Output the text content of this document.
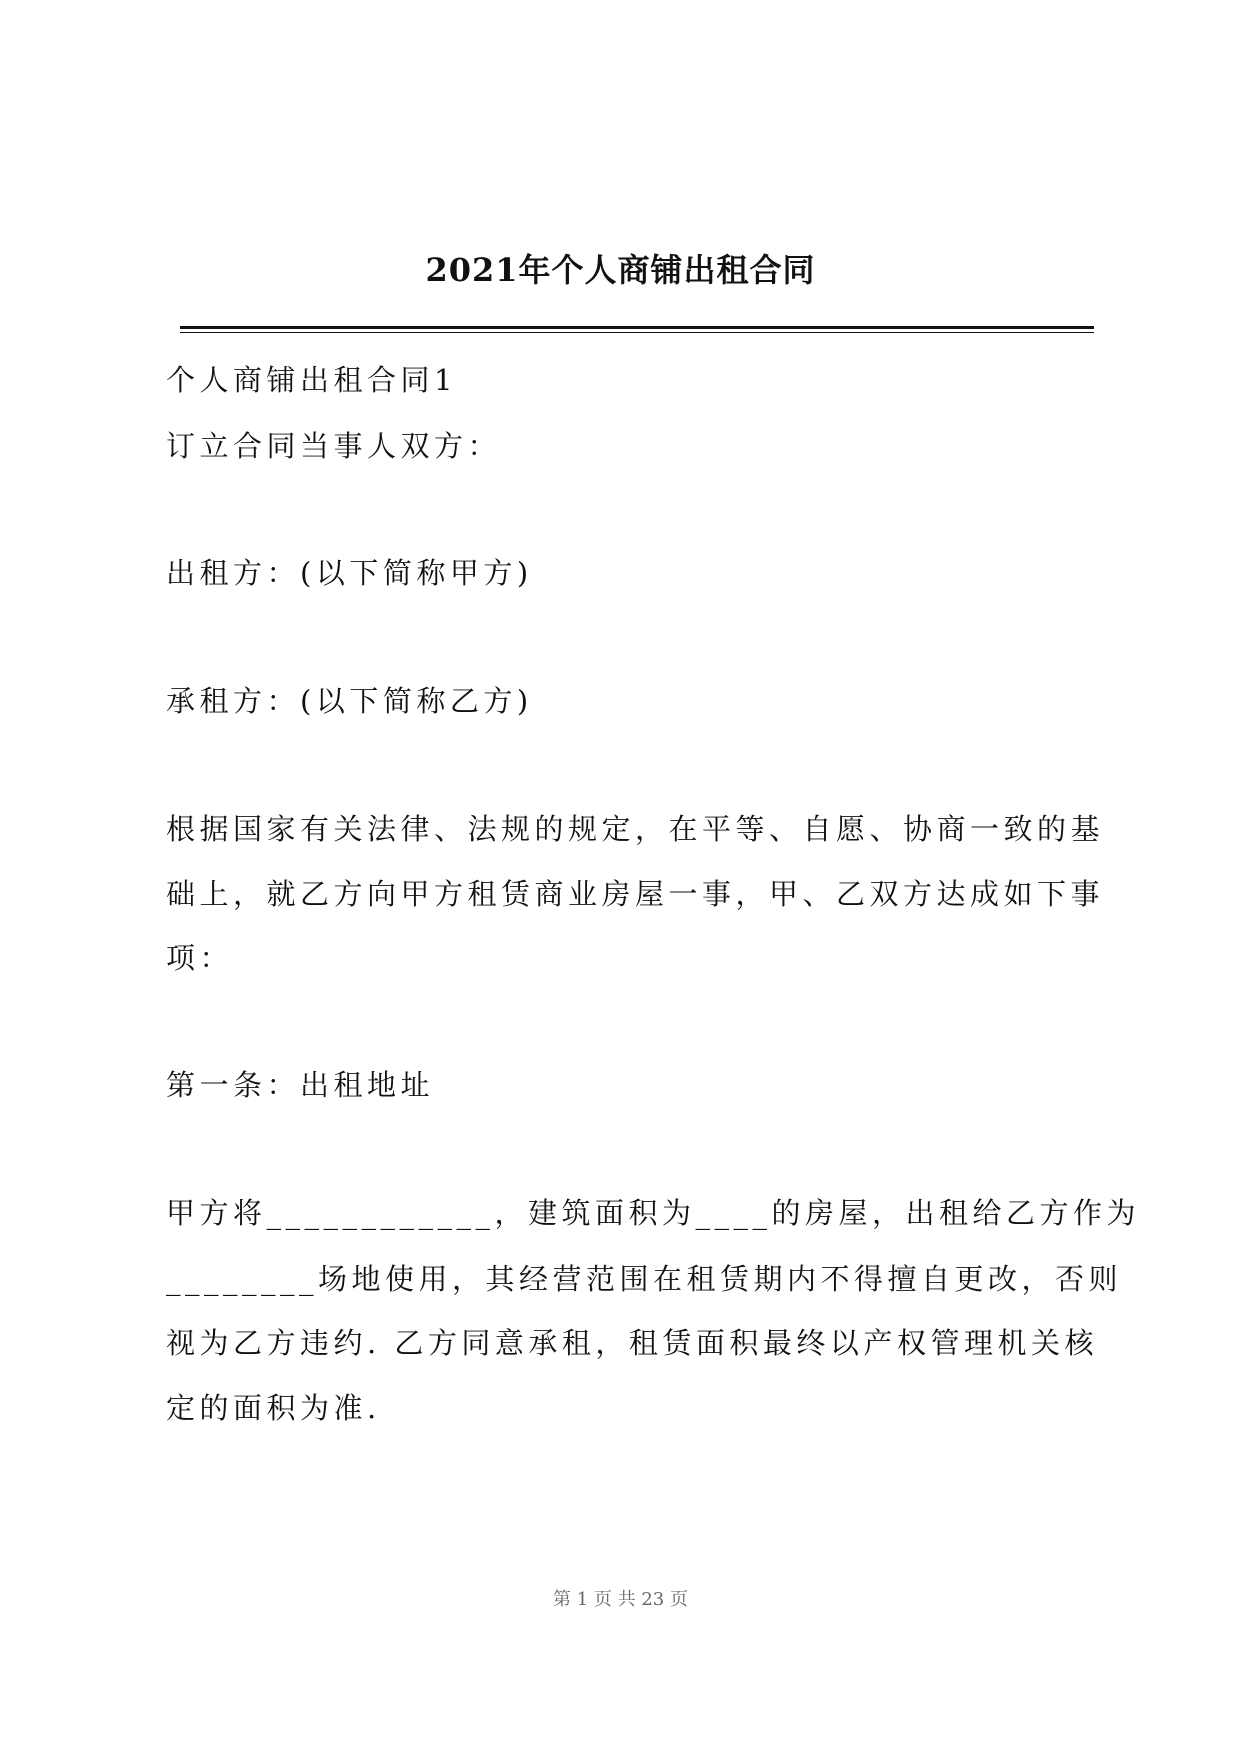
2021年个人商铺出租合同
个人商铺出租合同1
订立合同当事人双方：
出租方：(以下简称甲方)
承租方：(以下简称乙方)
根据国家有关法律、法规的规定，在平等、自愿、协商一致的基
础上，就乙方向甲方租赁商业房屋一事，甲、乙双方达成如下事
项：
第一条：出租地址
甲方将____________，建筑面积为____的房屋，出租给乙方作为
________场地使用，其经营范围在租赁期内不得擅自更改，否则
视为乙方违约. 乙方同意承租，租赁面积最终以产权管理机关核
定的面积为准.
第 1 页 共 23 页
